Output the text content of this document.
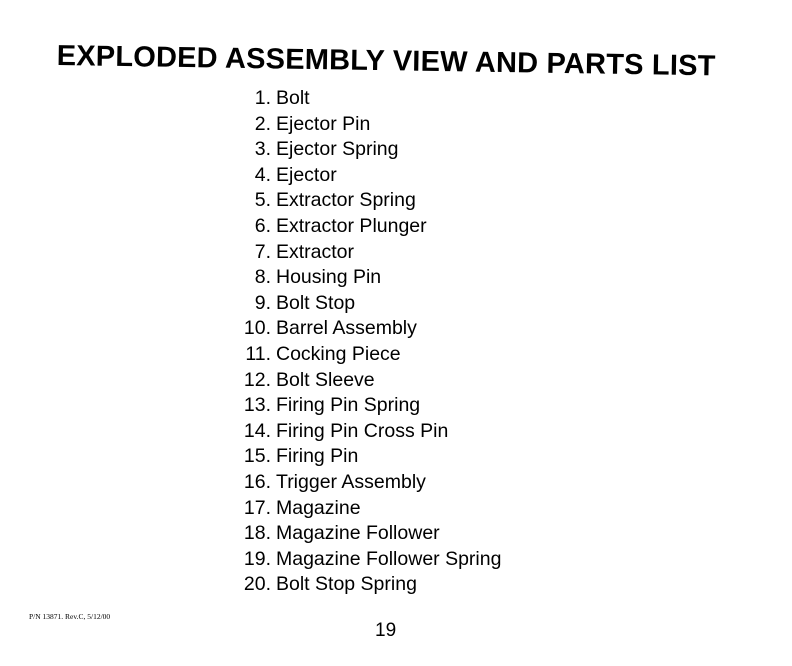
EXPLODED ASSEMBLY VIEW AND PARTS LIST
1. Bolt
2. Ejector Pin
3. Ejector Spring
4. Ejector
5. Extractor Spring
6. Extractor Plunger
7. Extractor
8. Housing Pin
9. Bolt Stop
10. Barrel Assembly
11. Cocking Piece
12. Bolt Sleeve
13. Firing Pin Spring
14. Firing Pin Cross Pin
15. Firing Pin
16. Trigger Assembly
17. Magazine
18. Magazine Follower
19. Magazine Follower Spring
20. Bolt Stop Spring
P/N 13871. Rev.C, 5/12/00
19
